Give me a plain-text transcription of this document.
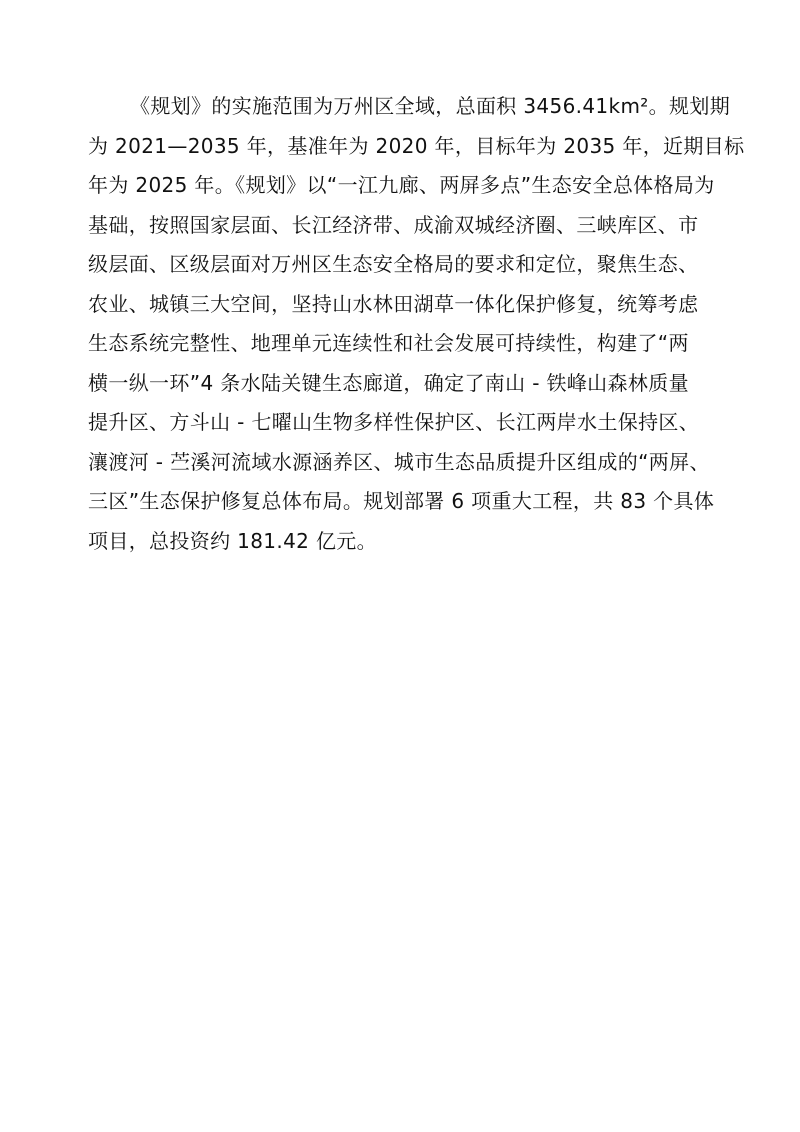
《规划》的实施范围为万州区全域，总面积 3456.41km²。规划期
为 2021—2035 年，基准年为 2020 年，目标年为 2035 年，近期目标
年为 2025 年。《规划》以“一江九廊、两屏多点”生态安全总体格局为
基础，按照国家层面、长江经济带、成渝双城经济圈、三峡库区、市
级层面、区级层面对万州区生态安全格局的要求和定位，聚焦生态、
农业、城镇三大空间，坚持山水林田湖草一体化保护修复，统筹考虑
生态系统完整性、地理单元连续性和社会发展可持续性，构建了“两
横一纵一环”4 条水陆关键生态廊道，确定了南山 - 铁峰山森林质量
提升区、方斗山 - 七曜山生物多样性保护区、长江两岸水土保持区、
瀼渡河 - 苎溪河流域水源涵养区、城市生态品质提升区组成的“两屏、
三区”生态保护修复总体布局。规划部署 6 项重大工程，共 83 个具体
项目，总投资约 181.42 亿元。
